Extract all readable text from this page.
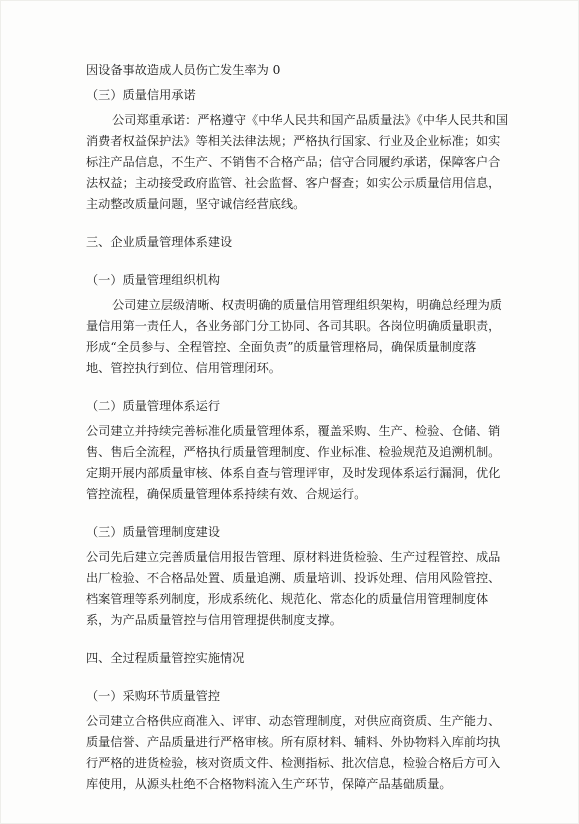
因设备事故造成人员伤亡发生率为 0
（三）质量信用承诺
公司郑重承诺：严格遵守《中华人民共和国产品质量法》《中华人民共和国
消费者权益保护法》等相关法律法规；严格执行国家、行业及企业标准；如实
标注产品信息，不生产、不销售不合格产品；信守合同履约承诺，保障客户合
法权益；主动接受政府监管、社会监督、客户督查；如实公示质量信用信息，
主动整改质量问题，坚守诚信经营底线。
三、企业质量管理体系建设
（一）质量管理组织机构
公司建立层级清晰、权责明确的质量信用管理组织架构，明确总经理为质
量信用第一责任人，各业务部门分工协同、各司其职。各岗位明确质量职责，
形成“全员参与、全程管控、全面负责”的质量管理格局，确保质量制度落
地、管控执行到位、信用管理闭环。
（二）质量管理体系运行
公司建立并持续完善标准化质量管理体系，覆盖采购、生产、检验、仓储、销
售、售后全流程，严格执行质量管理制度、作业标准、检验规范及追溯机制。
定期开展内部质量审核、体系自查与管理评审，及时发现体系运行漏洞，优化
管控流程，确保质量管理体系持续有效、合规运行。
（三）质量管理制度建设
公司先后建立完善质量信用报告管理、原材料进货检验、生产过程管控、成品
出厂检验、不合格品处置、质量追溯、质量培训、投诉处理、信用风险管控、
档案管理等系列制度，形成系统化、规范化、常态化的质量信用管理制度体
系，为产品质量管控与信用管理提供制度支撑。
四、全过程质量管控实施情况
（一）采购环节质量管控
公司建立合格供应商准入、评审、动态管理制度，对供应商资质、生产能力、
质量信誉、产品质量进行严格审核。所有原材料、辅料、外协物料入库前均执
行严格的进货检验，核对资质文件、检测指标、批次信息，检验合格后方可入
库使用，从源头杜绝不合格物料流入生产环节，保障产品基础质量。
